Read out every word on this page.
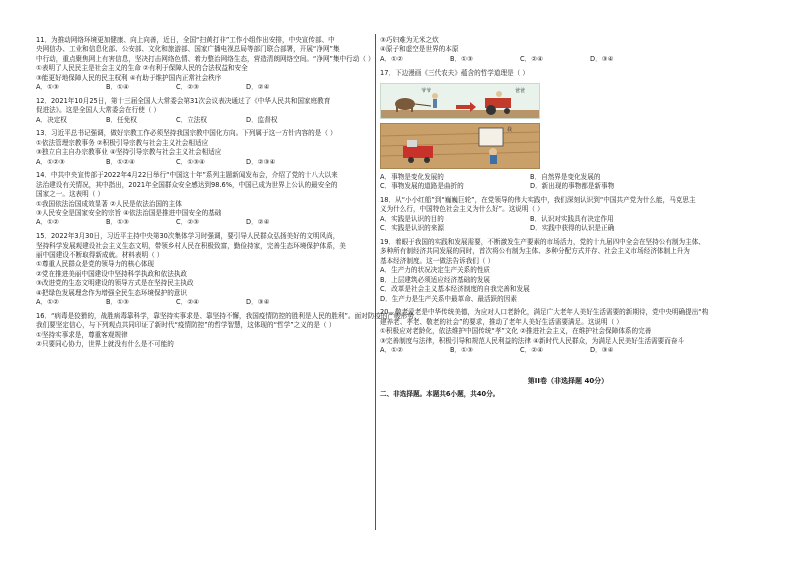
11．为推动网络环境更加健康、向上向善，近日，全国“扫黄打非”工作小组作出安排，中央宣传部、中
央网信办、工业和信息化部、公安部、文化和旅游部、国家广播电视总局等部门联合部署，开展“净网”集
中行动，重点聚焦网上有害信息，坚决打击网络色情、着力整治网络生态，营造清朗网络空间。“净网”集中行动（ ）
①表明了人民民主是社会主义的生命 ②有利于保障人民的合法权益和安全
③能更好地保障人民的民主权利 ④有助于维护国内正常社会秩序
A．①③	B．①④	C．②③	D．②④
12．2021年10月25日，第十三届全国人大常委会第31次会议表决通过了《中华人民共和国家庭教育
促进法》。这是全国人大常委会在行使（ ）
A．决定权	B．任免权	C．立法权	D．监督权
13．习近平总书记强调，做好宗教工作必须坚持我国宗教中国化方向。下列属于这一方针内容的是（ ）
①依法管理宗教事务 ②积极引导宗教与社会主义社会相适应
③独立自主自办宗教事业 ④坚持引导宗教与社会主义社会相适应
A．①②③	B．①②④	C．①③④	D．②③④
14．中共中央宣传部于2022年4月22日举行“中国这十年”系列主题新闻发布会，介绍了党的十八大以来
法治建设有关情况，其中指出，2021年全国群众安全感达到98.6%，中国已成为世界上公认的最安全的
国家之一。这表明（ ）
①我国依法治国成效显著 ②人民是依法治国的主体
③人民安全是国家安全的宗旨 ④依法治国是推进中国安全的基础
A．①②	B．①③	C．②③	D．②④
15．2022年3月30日，习近平主持中央第30次集体学习时强调，要引导人民群众弘扬美好的文明风尚，
坚持科学发展观建设社会主义生态文明，带领乡村人民在积极致富，勤俭持家，完善生态环境保护体系，美
丽中国建设不断取得新成就。材料表明（ ）
①尊重人民群众是党的领导力的核心体现
②党在推进美丽中国建设中坚持科学执政和依法执政
③改进党的生态文明建设的领导方式是在坚持民主执政
④把绿色发展理念作为增强全民生态环境保护的意识
A．①②	B．①③	C．②④	D．③④
16．“病毒是狡猾的，战胜病毒靠科学，靠坚持实事求是、靠坚持不懈，我国疫情防控的胜利是人民的胜利”。面对防疫的严峻形势，
我们要坚定信心，与下列观点共同印证了新时代“疫情防控”的哲学智慧，这体现的“哲学”之义的是（ ）
①坚持实事求是，尊重客观规律
②只要同心协力，世界上就没有什么是不可能的
③巧妇难为无米之炊
④原子和虚空是世界的本原
A．①②	B．①③	C．②④	D．③④
17．下边漫画《三代农夫》蕴含的哲学道理是（ ）
爷爷	爸爸
我
A．事物是变化发展的	B．自然界是变化发展的
C．事物发展的道路是曲折的	D．新出现的事物都是新事物
18．从“小小红船”到“巍巍巨轮”，在党领导的伟大实践中，我们深刻认识到“中国共产党为什么能，马克思主
义为什么行，中国特色社会主义为什么好”。这说明（ ）
A．实践是认识的目的	B．认识对实践具有决定作用
C．实践是认识的来源	D．实践中获得的认识是正确
19．着眼于我国的实践和发展需要，不断激发生产要素的市场活力，党的十九届四中全会在坚持公有制为主体、
多种所有制经济共同发展的同时，首次将公有制为主体、多种分配方式并存、社会主义市场经济体制上升为
基本经济制度。这一做法告诉我们（ ）
A．生产力的状况决定生产关系的性质
B．上层建筑必须适应经济基础的发展
C．改革是社会主义基本经济制度的自我完善和发展
D．生产力是生产关系中最革命、最活跃的因素
20．敬老爱老是中华传统美德，为应对人口老龄化，满足广大老年人美好生活需要的新期待，党中央明确提出“构
建养老、孝老、敬老的社会”的要求，推动了老年人美好生活需要满足。这说明（ ）
①积极应对老龄化，依法维护中国传统“孝”文化 ②推进社会主义，在维护社会保障体系的完善
③完善制度与法律，积极引导和规范人民利益的法律 ④新时代人民群众，为满足人民美好生活需要而奋斗
A．①②	B．①③	C．②④	D．③④
第II卷（非选择题 40分）
二、非选择题。本题共6小题，共40分。
